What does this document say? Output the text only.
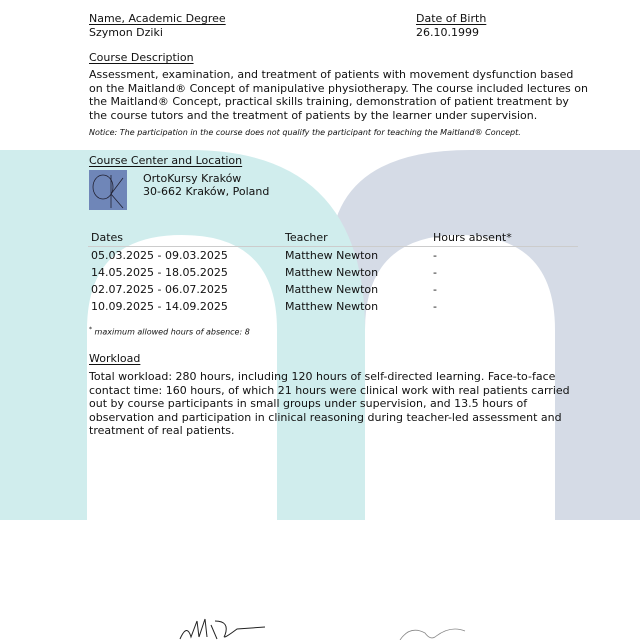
Name, Academic Degree
Szymon Dziki
Date of Birth
26.10.1999
Course Description
Assessment, examination, and treatment of patients with movement dysfunction based on the Maitland® Concept of manipulative physiotherapy. The course included lectures on the Maitland® Concept, practical skills training, demonstration of patient treatment by the course tutors and the treatment of patients by the learner under supervision.
Notice: The participation in the course does not qualify the participant for teaching the Maitland® Concept.
Course Center and Location
OrtoKursy Kraków
30-662 Kraków, Poland
Dates	Teacher	Hours absent*
05.03.2025 - 09.03.2025	Matthew Newton	-
14.05.2025 - 18.05.2025	Matthew Newton	-
02.07.2025 - 06.07.2025	Matthew Newton	-
10.09.2025 - 14.09.2025	Matthew Newton	-
* maximum allowed hours of absence: 8
Workload
Total workload: 280 hours, including 120 hours of self-directed learning. Face-to-face contact time: 160 hours, of which 21 hours were clinical work with real patients carried out by course participants in small groups under supervision, and 13.5 hours of observation and participation in clinical reasoning during teacher-led assessment and treatment of real patients.
